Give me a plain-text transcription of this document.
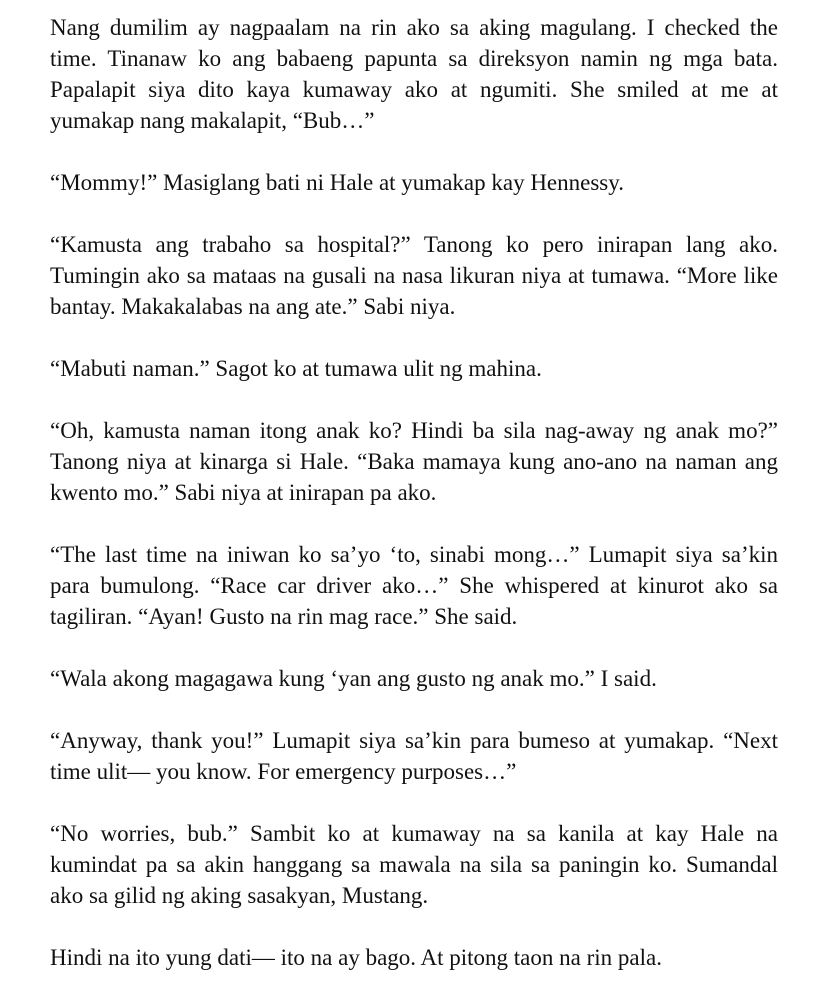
Nang dumilim ay nagpaalam na rin ako sa aking magulang. I checked the time. Tinanaw ko ang babaeng papunta sa direksyon namin ng mga bata. Papalapit siya dito kaya kumaway ako at ngumiti. She smiled at me at yumakap nang makalapit, “Bub…”

“Mommy!” Masiglang bati ni Hale at yumakap kay Hennessy.

“Kamusta ang trabaho sa hospital?” Tanong ko pero inirapan lang ako. Tumingin ako sa mataas na gusali na nasa likuran niya at tumawa. “More like bantay. Makakalabas na ang ate.” Sabi niya.

“Mabuti naman.” Sagot ko at tumawa ulit ng mahina.

“Oh, kamusta naman itong anak ko? Hindi ba sila nag-away ng anak mo?” Tanong niya at kinarga si Hale. “Baka mamaya kung ano-ano na naman ang kwento mo.” Sabi niya at inirapan pa ako.

“The last time na iniwan ko sa’yo ‘to, sinabi mong…” Lumapit siya sa’kin para bumulong. “Race car driver ako…” She whispered at kinurot ako sa tagiliran. “Ayan! Gusto na rin mag race.” She said.

“Wala akong magagawa kung ‘yan ang gusto ng anak mo.” I said.

“Anyway, thank you!” Lumapit siya sa’kin para bumeso at yumakap. “Next time ulit— you know. For emergency purposes…”

“No worries, bub.” Sambit ko at kumaway na sa kanila at kay Hale na kumindat pa sa akin hanggang sa mawala na sila sa paningin ko. Sumandal ako sa gilid ng aking sasakyan, Mustang.

Hindi na ito yung dati— ito na ay bago. At pitong taon na rin pala.
